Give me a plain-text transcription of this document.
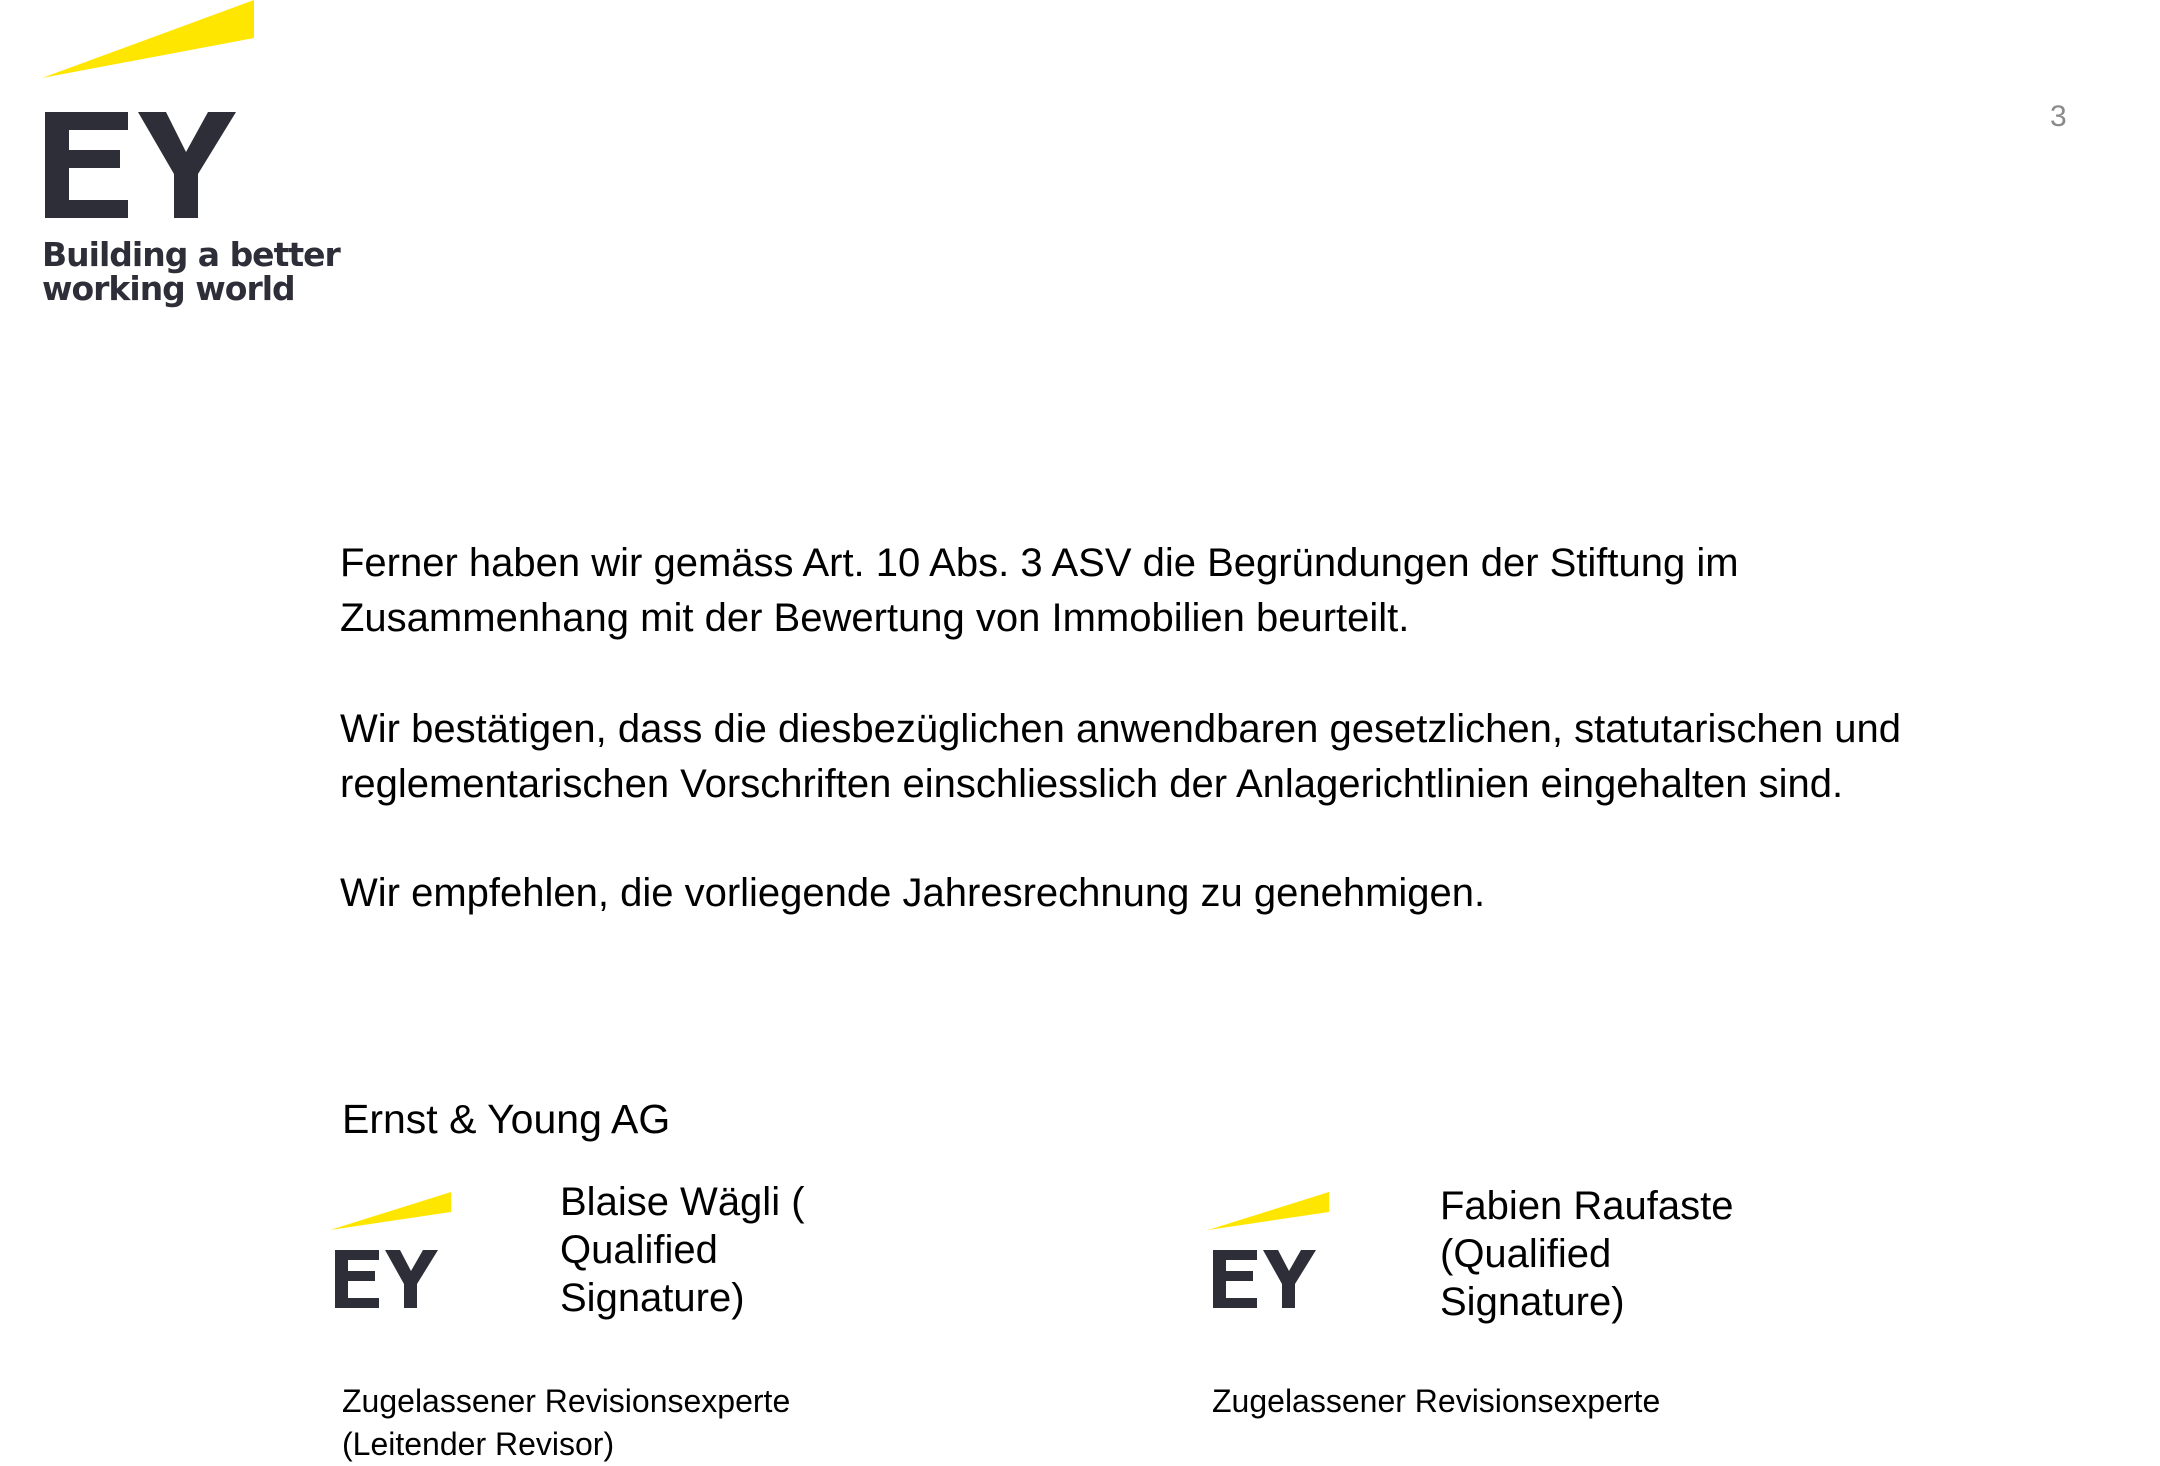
Building a better
working world
3
Ferner haben wir gemäss Art. 10 Abs. 3 ASV die Begründungen der Stiftung im
Zusammenhang mit der Bewertung von Immobilien beurteilt.
Wir bestätigen, dass die diesbezüglichen anwendbaren gesetzlichen, statutarischen und
reglementarischen Vorschriften einschliesslich der Anlagerichtlinien eingehalten sind.
Wir empfehlen, die vorliegende Jahresrechnung zu genehmigen.
Ernst & Young AG
Blaise Wägli (
Qualified
Signature)
Zugelassener Revisionsexperte
(Leitender Revisor)
Fabien Raufaste
(Qualified
Signature)
Zugelassener Revisionsexperte
